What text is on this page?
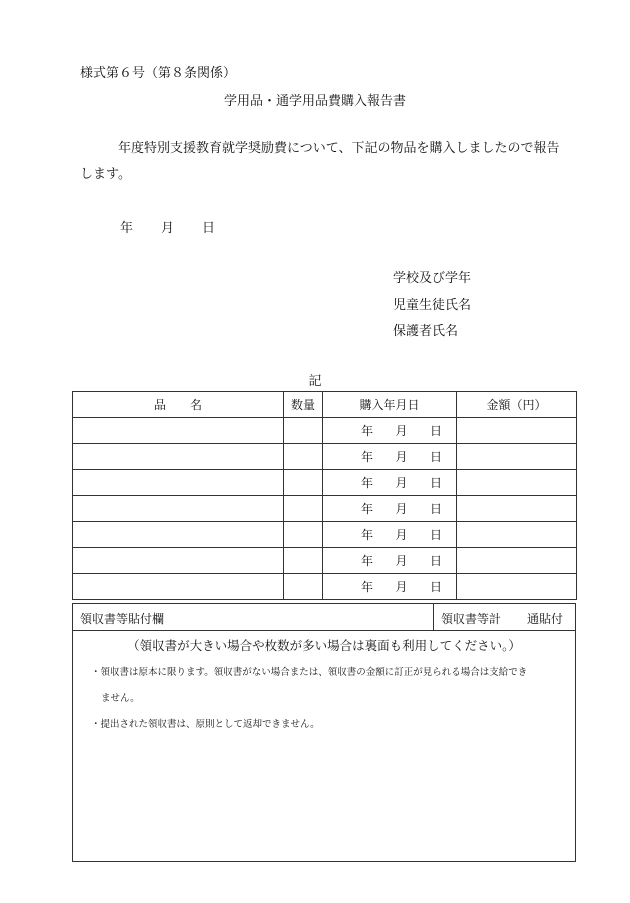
様式第６号（第８条関係）
学用品・通学用品費購入報告書
年度特別支援教育就学奨励費について、下記の物品を購入しましたので報告
します。
年 月 日
学校及び学年
児童生徒氏名
保護者氏名
記
品　　名	数量	購入年月日	金額（円）

		年 月 日	

		年 月 日	

		年 月 日	

		年 月 日	

		年 月 日	

		年 月 日	

		年 月 日	

領収書等貼付欄	領収書等計 通貼付
（領収書が大きい場合や枚数が多い場合は裏面も利用してください。）
・領収書は原本に限ります。領収書がない場合または、領収書の金額に訂正が見られる場合は支給でき
ません。
・提出された領収書は、原則として返却できません。
